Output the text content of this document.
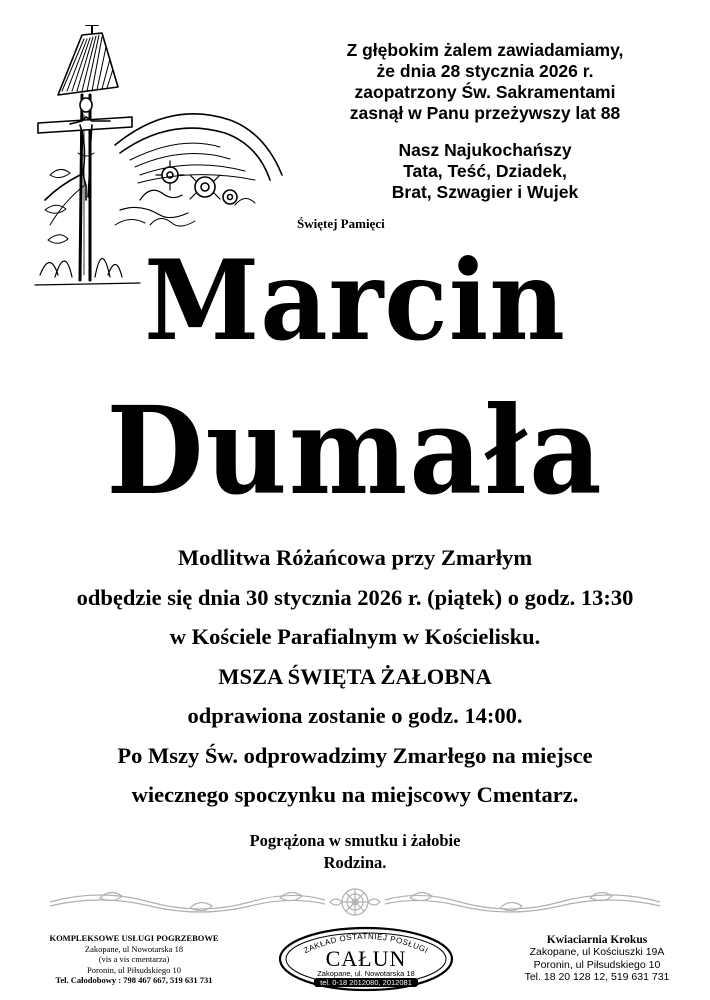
Z głębokim żalem zawiadamiamy,
że dnia 28 stycznia 2026 r.
zaopatrzony Św. Sakramentami
zasnął w Panu przeżywszy lat 88
Nasz Najukochańszy
Tata, Teść, Dziadek,
Brat, Szwagier i Wujek
Świętej Pamięci
Marcin
Dumała
Modlitwa Różańcowa przy Zmarłym
odbędzie się dnia 30 stycznia 2026 r. (piątek) o godz. 13:30
w Kościele Parafialnym w Kościelisku.
MSZA ŚWIĘTA ŻAŁOBNA
odprawiona zostanie o godz. 14:00.
Po Mszy Św. odprowadzimy Zmarłego na miejsce
wiecznego spoczynku na miejscowy Cmentarz.
Pogrążona w smutku i żałobie
Rodzina.
KOMPLEKSOWE USŁUGI POGRZEBOWE
Zakopane, ul Nowotarska 18
(vis a vis cmentarza)
Poronin, ul Piłsudskiego 10
Tel. Całodobowy : 798 467 667, 519 631 731
ZAKŁAD OSTATNIEJ POSŁUGI
CAŁUN
Zakopane, ul. Nowotarska 18
tel. 0-18 2012080, 2012081
Kwiaciarnia Krokus
Zakopane, ul Kościuszki 19A
Poronin, ul Piłsudskiego 10
Tel. 18 20 128 12, 519 631 731
